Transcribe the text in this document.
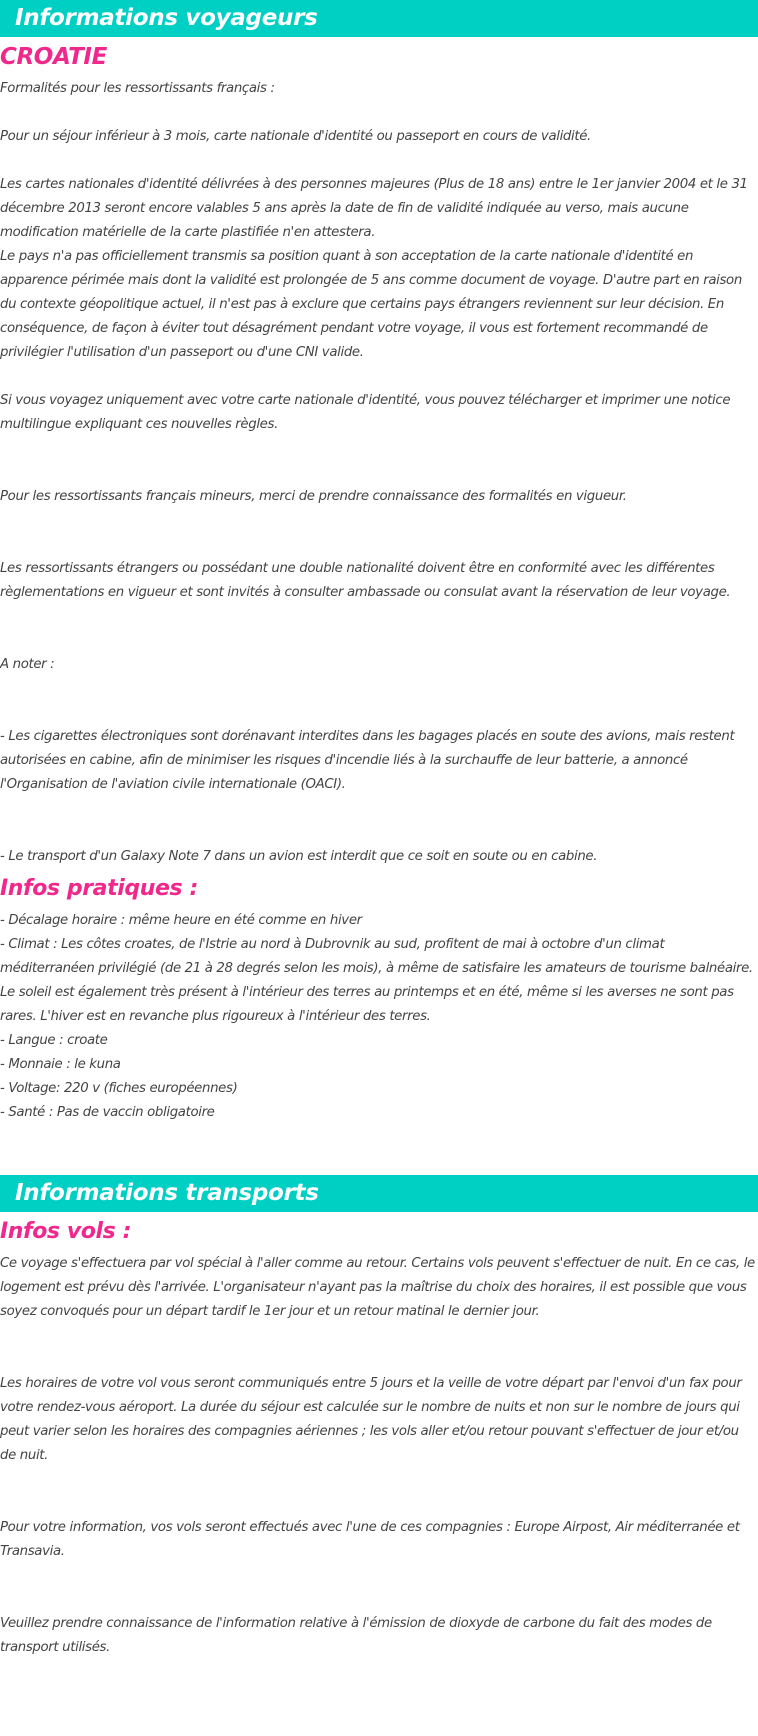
Informations voyageurs
CROATIE

Formalités pour les ressortissants français :

Pour un séjour inférieur à 3 mois, carte nationale d'identité ou passeport en cours de validité.

Les cartes nationales d'identité délivrées à des personnes majeures (Plus de 18 ans) entre le 1er janvier 2004 et le 31 décembre 2013 seront encore valables 5 ans après la date de fin de validité indiquée au verso, mais aucune modification matérielle de la carte plastifiée n'en attestera.

Le pays n'a pas officiellement transmis sa position quant à son acceptation de la carte nationale d'identité en apparence périmée mais dont la validité est prolongée de 5 ans comme document de voyage. D'autre part en raison du contexte géopolitique actuel, il n'est pas à exclure que certains pays étrangers reviennent sur leur décision. En conséquence, de façon à éviter tout désagrément pendant votre voyage, il vous est fortement recommandé de privilégier l'utilisation d'un passeport ou d'une CNI valide.

Si vous voyagez uniquement avec votre carte nationale d'identité, vous pouvez télécharger et imprimer une notice multilingue expliquant ces nouvelles règles.

Pour les ressortissants français mineurs, merci de prendre connaissance des formalités en vigueur.

Les ressortissants étrangers ou possédant une double nationalité doivent être en conformité avec les différentes règlementations en vigueur et sont invités à consulter ambassade ou consulat avant la réservation de leur voyage.

A noter :

- Les cigarettes électroniques sont dorénavant interdites dans les bagages placés en soute des avions, mais restent autorisées en cabine, afin de minimiser les risques d'incendie liés à la surchauffe de leur batterie, a annoncé l'Organisation de l'aviation civile internationale (OACI).

- Le transport d'un Galaxy Note 7 dans un avion est interdit que ce soit en soute ou en cabine.

Infos pratiques :

- Décalage horaire : même heure en été comme en hiver

- Climat : Les côtes croates, de l'Istrie au nord à Dubrovnik au sud, profitent de mai à octobre d'un climat méditerranéen privilégié (de 21 à 28 degrés selon les mois), à même de satisfaire les amateurs de tourisme balnéaire. Le soleil est également très présent à l'intérieur des terres au printemps et en été, même si les averses ne sont pas rares. L'hiver est en revanche plus rigoureux à l'intérieur des terres.

- Langue : croate

- Monnaie : le kuna

- Voltage: 220 v (fiches européennes)

- Santé : Pas de vaccin obligatoire

Informations transports
Infos vols :

Ce voyage s'effectuera par vol spécial à l'aller comme au retour. Certains vols peuvent s'effectuer de nuit. En ce cas, le logement est prévu dès l'arrivée. L'organisateur n'ayant pas la maîtrise du choix des horaires, il est possible que vous soyez convoqués pour un départ tardif le 1er jour et un retour matinal le dernier jour.

Les horaires de votre vol vous seront communiqués entre 5 jours et la veille de votre départ par l'envoi d'un fax pour votre rendez-vous aéroport. La durée du séjour est calculée sur le nombre de nuits et non sur le nombre de jours qui peut varier selon les horaires des compagnies aériennes ; les vols aller et/ou retour pouvant s'effectuer de jour et/ou de nuit.

Pour votre information, vos vols seront effectués avec l'une de ces compagnies : Europe Airpost, Air méditerranée et Transavia.

Veuillez prendre connaissance de l'information relative à l'émission de dioxyde de carbone du fait des modes de transport utilisés.
